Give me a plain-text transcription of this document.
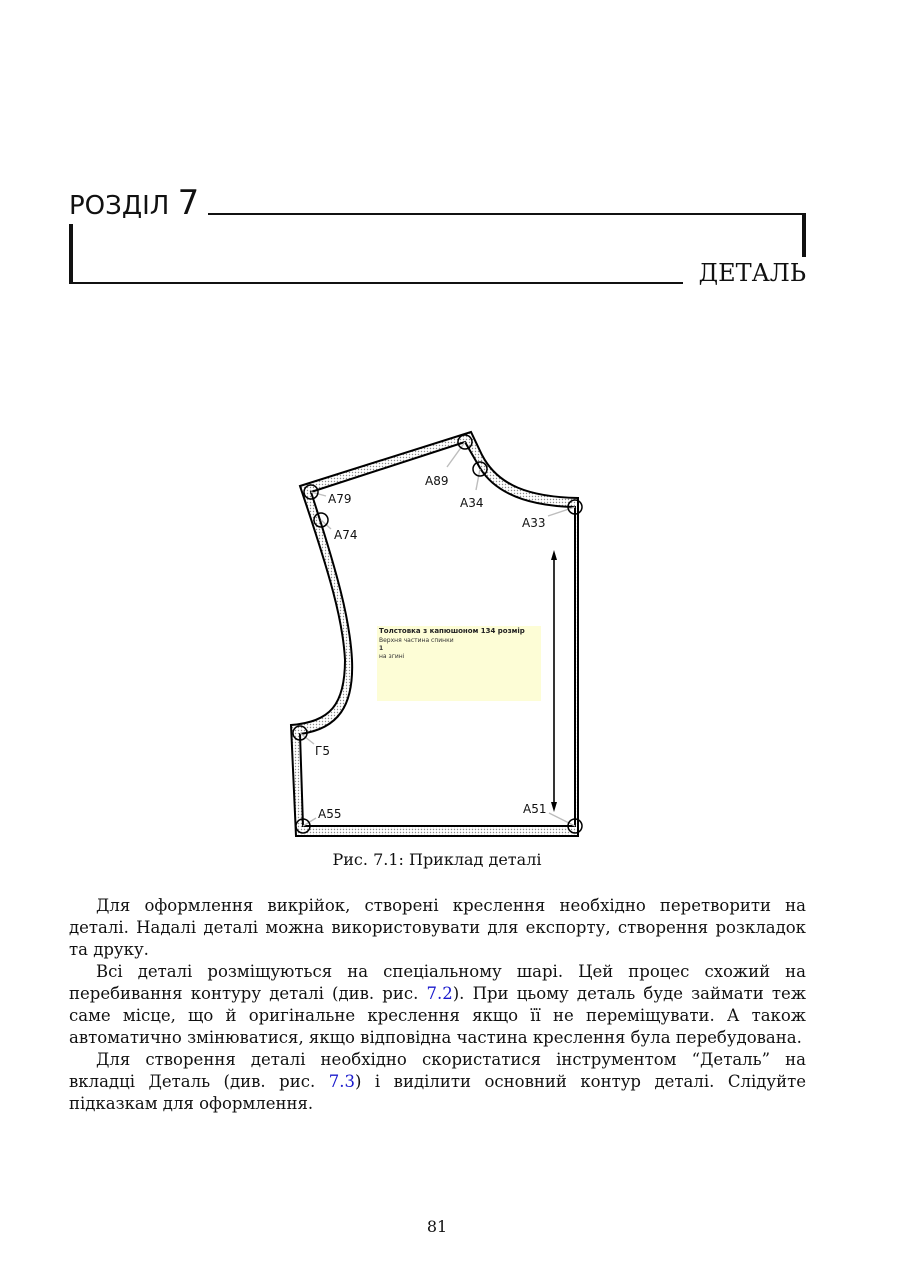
РОЗДІЛ 7
ДЕТАЛЬ
Толстовка з капюшоном 134 розмір
Верхня частина спинки
1
на згині
A79
A74
A89
A34
A33
Г5
A55	A51
Рис. 7.1: Приклад деталі

Для оформлення викрійок, створені креслення необхідно перетворити на деталі. Надалі деталі можна використовувати для експорту, створення розкладок та друку.

Всі деталі розміщуються на спеціальному шарі. Цей процес схожий на перебивання контуру деталі (див. рис. 7.2). При цьому деталь буде займати теж саме місце, що й оригінальне креслення якщо її не переміщувати. А також автоматично змінюватися, якщо відповідна частина креслення була перебудована.

Для створення деталі необхідно скористатися інструментом “Деталь” на вкладці Деталь (див. рис. 7.3) і виділити основний контур деталі. Слідуйте підказкам для оформлення.

81
